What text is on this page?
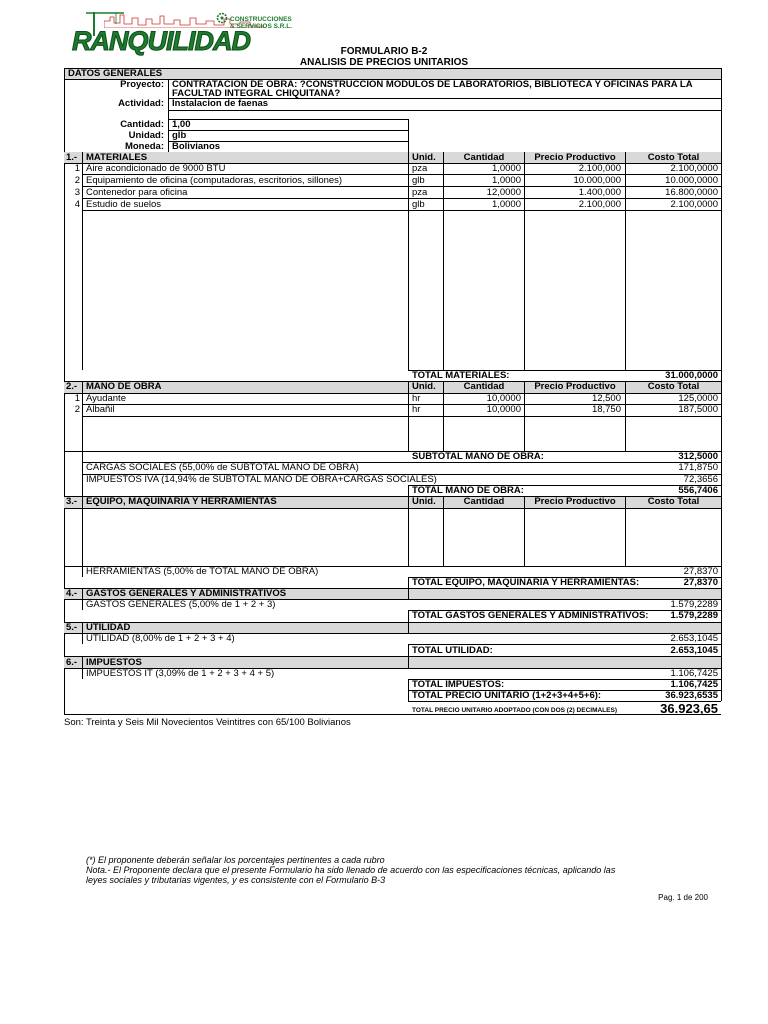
CONSTRUCCIONES
& SERVICIOS S.R.L.
RANQUILIDAD	FORMULARIO B-2
ANALISIS DE PRECIOS UNITARIOS
DATOS GENERALES
Proyecto: CONTRATACION DE OBRA: ?CONSTRUCCION MODULOS DE LABORATORIOS, BIBLIOTECA Y OFICINAS PARA LA
FACULTAD INTEGRAL CHIQUITANA?
Actividad: Instalacion de faenas
Cantidad: 1,00
Unidad: glb
Moneda: Bolivianos
1.- MATERIALES	Unid.	Cantidad	Precio Productivo	Costo Total
1 Aire acondicionado de 9000 BTU	pza	1,0000	2.100,000	2.100,0000
2 Equipamiento de oficina (computadoras, escritorios, sillones)	glb	1,0000	10.000,000	10.000,0000
3 Contenedor para oficina	pza	12,0000	1.400,000	16.800,0000
4 Estudio de suelos	glb	1,0000	2.100,000	2.100,0000
TOTAL MATERIALES:	31.000,0000
2.- MANO DE OBRA	Unid.	Cantidad	Precio Productivo	Costo Total
1 Ayudante	hr	10,0000	12,500	125,0000
2 Albañil	hr	10,0000	18,750	187,5000
SUBTOTAL MANO DE OBRA:	312,5000
CARGAS SOCIALES (55,00% de SUBTOTAL MANO DE OBRA)	171,8750
IMPUESTOS IVA (14,94% de SUBTOTAL MANO DE OBRA+CARGAS SOCIALES)	72,3656
TOTAL MANO DE OBRA:	556,7406
3.- EQUIPO, MAQUINARIA Y HERRAMIENTAS	Unid.	Cantidad	Precio Productivo	Costo Total
HERRAMIENTAS (5,00% de TOTAL MANO DE OBRA)	27,8370
TOTAL EQUIPO, MAQUINARIA Y HERRAMIENTAS:	27,8370
4.- GASTOS GENERALES Y ADMINISTRATIVOS
GASTOS GENERALES (5,00% de 1 + 2 + 3)	1.579,2289
TOTAL GASTOS GENERALES Y ADMINISTRATIVOS:	1.579,2289
5.- UTILIDAD
UTILIDAD (8,00% de 1 + 2 + 3 + 4)	2.653,1045
TOTAL UTILIDAD:	2.653,1045
6.- IMPUESTOS
IMPUESTOS IT (3,09% de 1 + 2 + 3 + 4 + 5)	1.106,7425
TOTAL IMPUESTOS:	1.106,7425
TOTAL PRECIO UNITARIO (1+2+3+4+5+6):	36.923,6535
TOTAL PRECIO UNITARIO ADOPTADO (CON DOS (2) DECIMALES)	36.923,65
Son: Treinta y Seis Mil Novecientos Veintitres con 65/100 Bolivianos
(*) El proponente deberán señalar los porcentajes pertinentes a cada rubro
Nota.- El Proponente declara que el presente Formulario ha sido llenado de acuerdo con las especificaciones técnicas, aplicando las
leyes sociales y tributarias vigentes, y es consistente con el Formulario B-3
Pag. 1 de 200
